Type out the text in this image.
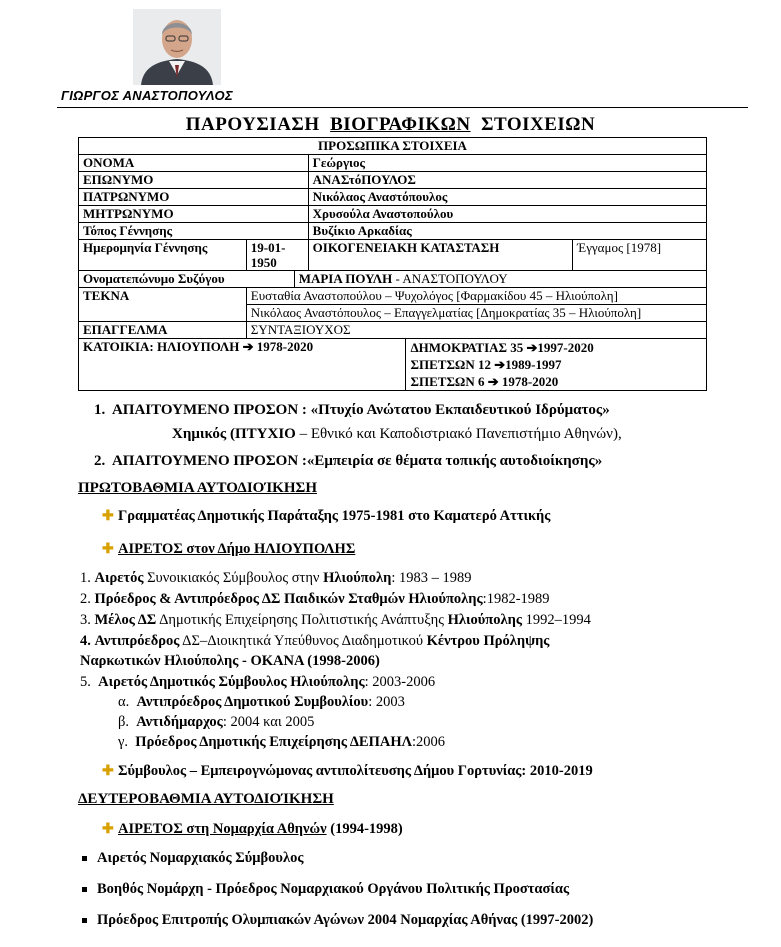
ΓΙΩΡΓΟΣ ΑΝΑΣΤΟΠΟΥΛΟΣ
ΠΑΡΟΥΣΙΑΣΗ ΒΙΟΓΡΑΦΙΚΩΝ ΣΤΟΙΧΕΙΩΝ
ΠΡΟΣΩΠΙΚΑ ΣΤΟΙΧΕΙΑ					
ΟΝΟΜΑ			Γεώργιος		
ΕΠΩΝΥΜΟ			ΑΝΑΣτόΠΟΥΛΟΣ		
ΠΑΤΡΩΝΥΜΟ			Νικόλαος Αναστόπουλος		
ΜΗΤΡΩΝΥΜΟ			Χρυσούλα Αναστοπούλου		
Τόπος Γέννησης			Βυζίκιο Αρκαδίας		
Ημερομηνία Γέννησης	19-01-1950		ΟΙΚΟΓΕΝΕΙΑΚΗ ΚΑΤΑΣΤΑΣΗ		Έγγαμος [1978]
Ονοματεπώνυμο Συζύγου		ΜΑΡΙΑ ΠΟΥΛΗ - ΑΝΑΣΤΟΠΟΥΛΟΥ			
ΤΕΚΝΑ	Ευσταθία Αναστοπούλου – Ψυχολόγος [Φαρμακίδου 45 – Ηλιούπολη]				
	Νικόλαος Αναστόπουλος – Επαγγελματίας [Δημοκρατίας 35 – Ηλιούπολη]				
ΕΠΑΓΓΕΛΜΑ	ΣΥΝΤΑΞΙΟΥΧΟΣ				
ΚΑΤΟΙΚΙΑ: ΗΛΙΟΥΠΟΛΗ ➔ 1978-2020				ΔΗΜΟΚΡΑΤΙΑΣ 35 ➔1997-2020
ΣΠΕΤΣΩΝ 12 ➔1989-1997
ΣΠΕΤΣΩΝ 6 ➔ 1978-2020	
1. ΑΠΑΙΤΟΥΜΕΝΟ ΠΡΟΣΟΝ : «Πτυχίο Ανώτατου Εκπαιδευτικού Ιδρύματος»
Χημικός (ΠΤΥΧΙΟ – Εθνικό και Καποδιστριακό Πανεπιστήμιο Αθηνών),
2. ΑΠΑΙΤΟΥΜΕΝΟ ΠΡΟΣΟΝ :«Εμπειρία σε θέματα τοπικής αυτοδιοίκησης»
ΠΡΩΤΟΒΑΘΜΙΑ ΑΥΤΟΔΙΟΊΚΗΣΗ
✚ Γραμματέας Δημοτικής Παράταξης 1975-1981 στο Καματερό Αττικής
✚ ΑΙΡΕΤΟΣ στον Δήμο ΗΛΙΟΥΠΟΛΗΣ
1. Αιρετός Συνοικιακός Σύμβουλος στην Ηλιούπολη: 1983 – 1989
2. Πρόεδρος & Αντιπρόεδρος ΔΣ Παιδικών Σταθμών Ηλιούπολης:1982-1989
3. Μέλος ΔΣ Δημοτικής Επιχείρησης Πολιτιστικής Ανάπτυξης Ηλιούπολης 1992–1994
4. Αντιπρόεδρος ΔΣ–Διοικητικά Υπεύθυνος Διαδημοτικού Κέντρου Πρόληψης
Ναρκωτικών Ηλιούπολης - ΟΚΑΝΑ (1998-2006)
5. Αιρετός Δημοτικός Σύμβουλος Ηλιούπολης: 2003-2006
α. Αντιπρόεδρος Δημοτικού Συμβουλίου: 2003
β. Αντιδήμαρχος: 2004 και 2005
γ. Πρόεδρος Δημοτικής Επιχείρησης ΔΕΠΑΗΛ:2006
✚ Σύμβουλος – Εμπειρογνώμονας αντιπολίτευσης Δήμου Γορτυνίας: 2010-2019
ΔΕΥΤΕΡΟΒΑΘΜΙΑ ΑΥΤΟΔΙΟΊΚΗΣΗ
✚ ΑΙΡΕΤΟΣ στη Νομαρχία Αθηνών (1994-1998)
Αιρετός Νομαρχιακός Σύμβουλος
Βοηθός Νομάρχη - Πρόεδρος Νομαρχιακού Οργάνου Πολιτικής Προστασίας
Πρόεδρος Επιτροπής Ολυμπιακών Αγώνων 2004 Νομαρχίας Αθήνας (1997-2002)
